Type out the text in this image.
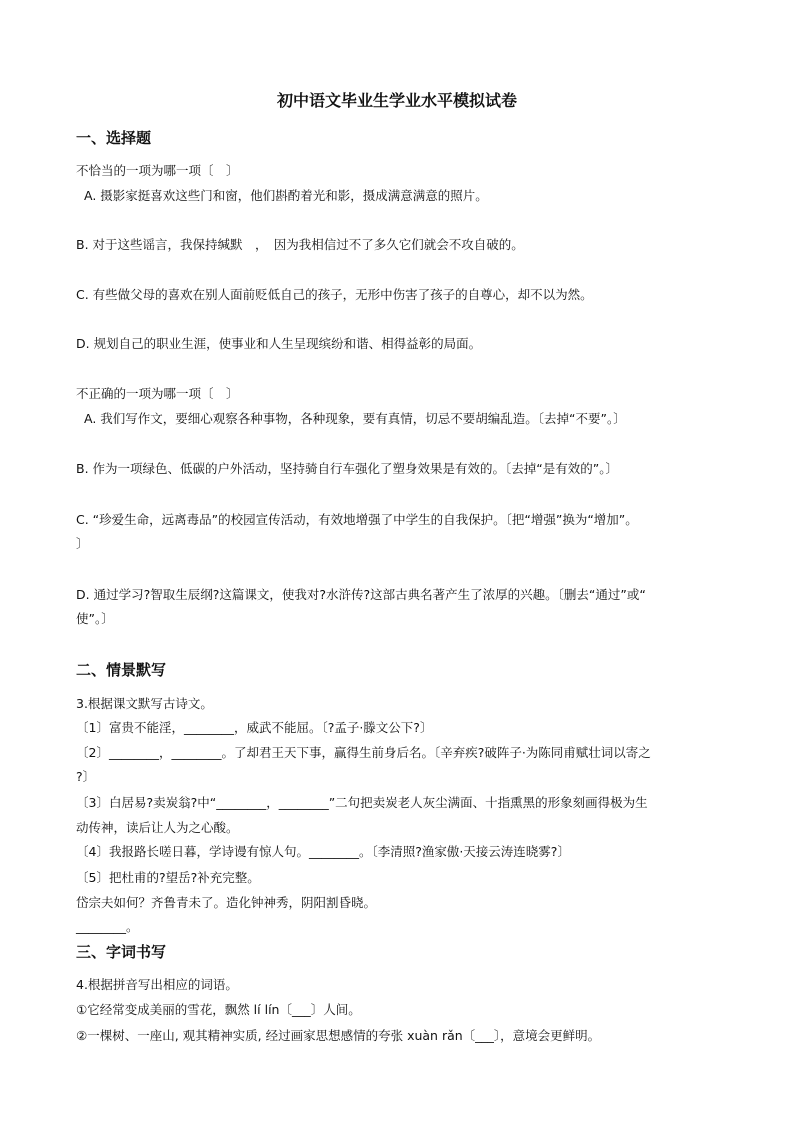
初中语文毕业生学业水平模拟试卷
一、选择题
不恰当的一项为哪一项〔　〕
A. 摄影家挺喜欢这些门和窗，他们斟酌着光和影，摄成满意满意的照片。
B. 对于这些谣言，我保持缄默　，　因为我相信过不了多久它们就会不攻自破的。
C. 有些做父母的喜欢在别人面前贬低自己的孩子，无形中伤害了孩子的自尊心，却不以为然。
D. 规划自己的职业生涯，使事业和人生呈现缤纷和谐、相得益彰的局面。
不正确的一项为哪一项〔　〕
A. 我们写作文，要细心观察各种事物，各种现象，要有真情，切忌不要胡编乱造。〔去掉“不要”。〕
B. 作为一项绿色、低碳的户外活动，坚持骑自行车强化了塑身效果是有效的。〔去掉“是有效的”。〕
C. “珍爱生命，远离毒品”的校园宣传活动，有效地增强了中学生的自我保护。〔把“增强”换为“增加”。
〕
D. 通过学习?智取生辰纲?这篇课文，使我对?水浒传?这部古典名著产生了浓厚的兴趣。〔删去“通过”或“
使”。〕
二、情景默写
3.根据课文默写古诗文。
〔1〕富贵不能淫，________，威武不能屈。〔?孟子·滕文公下?〕
〔2〕________，________。了却君王天下事，赢得生前身后名。〔辛弃疾?破阵子·为陈同甫赋壮词以寄之
?〕
〔3〕白居易?卖炭翁?中“________，________”二句把卖炭老人灰尘满面、十指熏黑的形象刻画得极为生
动传神，读后让人为之心酸。
〔4〕我报路长嗟日暮，学诗谩有惊人句。________。〔李清照?渔家傲·天接云涛连晓雾?〕
〔5〕把杜甫的?望岳?补充完整。
岱宗夫如何？齐鲁青未了。造化钟神秀，阴阳割昏晓。
________。
三、字词书写
4.根据拼音写出相应的词语。
①它经常变成美丽的雪花，飘然 lí lín〔___〕人间。
②一棵树、一座山, 观其精神实质, 经过画家思想感情的夸张 xuàn rǎn〔___〕，意境会更鲜明。
